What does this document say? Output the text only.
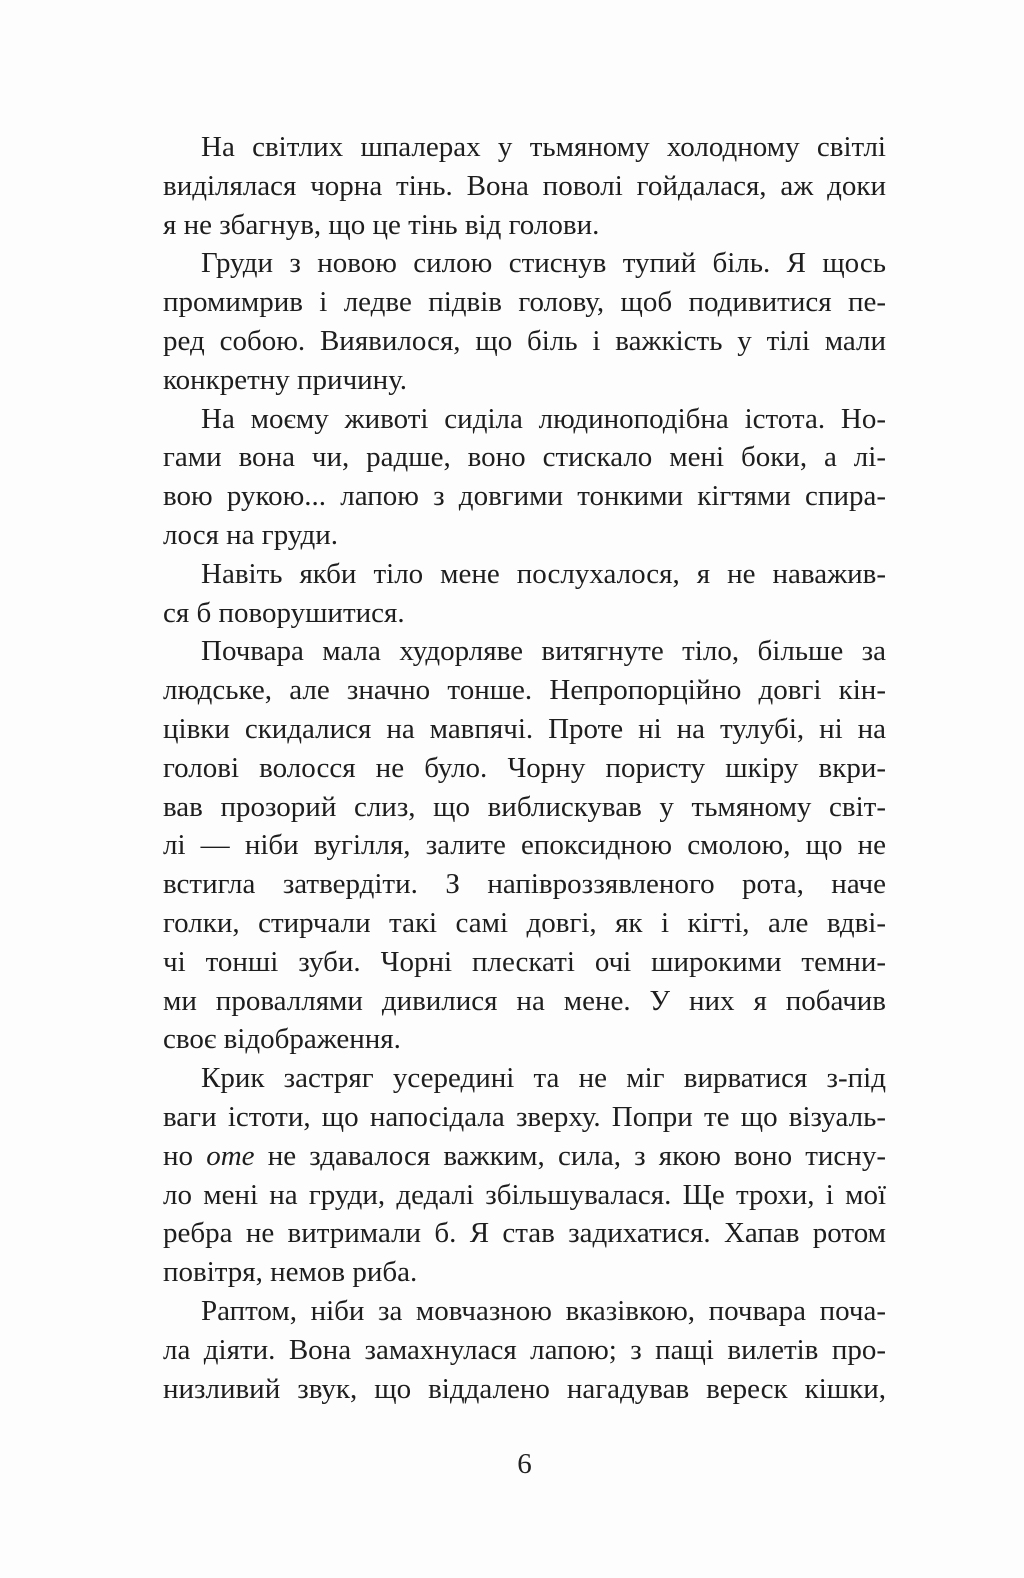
На світлих шпалерах у тьмяному холодному світлі
виділялася чорна тінь. Вона поволі гойдалася, аж доки
я не збагнув, що це тінь від голови.
Груди з новою силою стиснув тупий біль. Я щось
промимрив і ледве підвів голову, щоб подивитися пе-
ред собою. Виявилося, що біль і важкість у тілі мали
конкретну причину.
На моєму животі сиділа людиноподібна істота. Но-
гами вона чи, радше, воно стискало мені боки, а лі-
вою рукою... лапою з довгими тонкими кігтями спира-
лося на груди.
Навіть якби тіло мене послухалося, я не наважив-
ся б поворушитися.
Почвара мала худорляве витягнуте тіло, більше за
людське, але значно тонше. Непропорційно довгі кін-
цівки скидалися на мавпячі. Проте ні на тулубі, ні на
голові волосся не було. Чорну пористу шкіру вкри-
вав прозорий слиз, що виблискував у тьмяному світ-
лі — ніби вугілля, залите епоксидною смолою, що не
встигла затвердіти. З напівроззявленого рота, наче
голки, стирчали такі самі довгі, як і кігті, але вдві-
чі тонші зуби. Чорні плескаті очі широкими темни-
ми проваллями дивилися на мене. У них я побачив
своє відображення.
Крик застряг усередині та не міг вирватися з-під
ваги істоти, що напосідала зверху. Попри те що візуаль-
но оте не здавалося важким, сила, з якою воно тисну-
ло мені на груди, дедалі збільшувалася. Ще трохи, і мої
ребра не витримали б. Я став задихатися. Хапав ротом
повітря, немов риба.
Раптом, ніби за мовчазною вказівкою, почвара поча-
ла діяти. Вона замахнулася лапою; з пащі вилетів про-
низливий звук, що віддалено нагадував вереск кішки,
6
